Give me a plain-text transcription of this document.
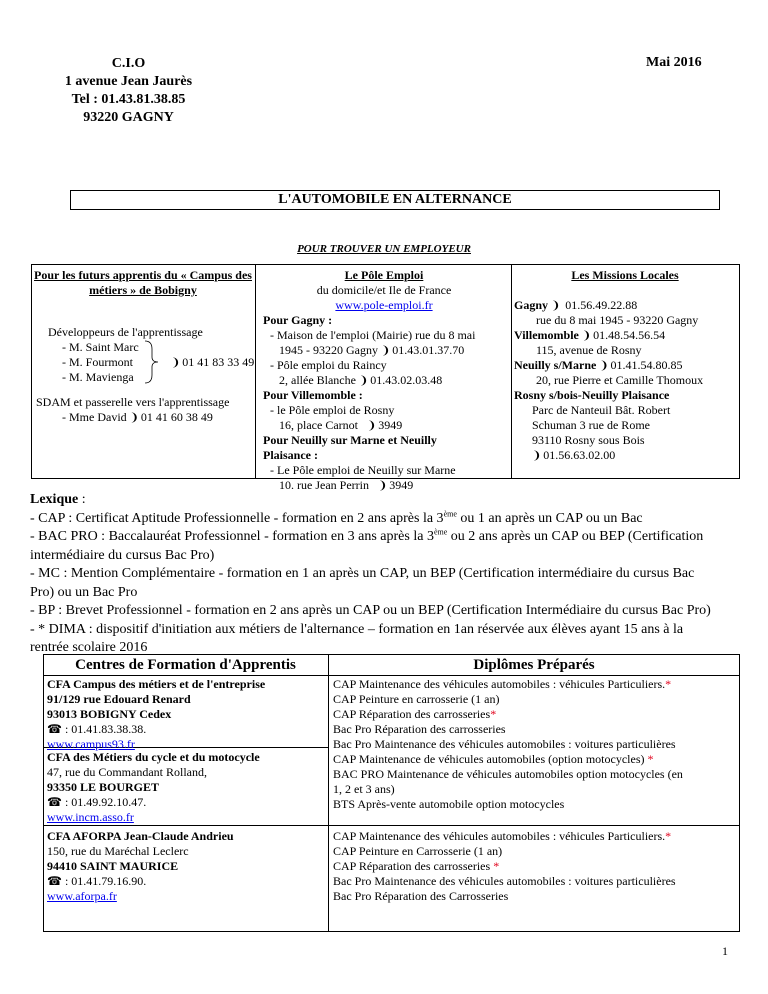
C.I.O
1 avenue Jean Jaurès
Tel : 01.43.81.38.85
93220 GAGNY
Mai 2016
L'AUTOMOBILE EN ALTERNANCE
POUR TROUVER UN EMPLOYEUR
Pour les futurs apprentis du « Campus des métiers » de Bobigny
Développeurs de l'apprentissage
- M. Saint Marc
- M. Fourmont
- M. Mavienga
❩ 01 41 83 33 49
SDAM et passerelle vers l'apprentissage
- Mme David ❩ 01 41 60 38 49
Le Pôle Emploi
du domicile/et Ile de France
www.pole-emploi.fr
Pour Gagny :
- Maison de l'emploi (Mairie) rue du 8 mai
1945 - 93220 Gagny ❩ 01.43.01.37.70
- Pôle emploi du Raincy
2, allée Blanche ❩ 01.43.02.03.48
Pour Villemomble :
- le Pôle emploi de Rosny
16, place Carnot ❩ 3949
Pour Neuilly sur Marne et Neuilly
Plaisance :
- Le Pôle emploi de Neuilly sur Marne
10. rue Jean Perrin ❩ 3949
Les Missions Locales
Gagny ❩ 01.56.49.22.88
rue du 8 mai 1945 - 93220 Gagny
Villemomble ❩ 01.48.54.56.54
115, avenue de Rosny
Neuilly s/Marne ❩ 01.41.54.80.85
20, rue Pierre et Camille Thomoux
Rosny s/bois-Neuilly Plaisance
Parc de Nanteuil Bât. Robert
Schuman 3 rue de Rome
93110 Rosny sous Bois
❩ 01.56.63.02.00
Lexique :
- CAP : Certificat Aptitude Professionnelle - formation en 2 ans après la 3ème ou 1 an après un CAP ou un Bac
- BAC PRO : Baccalauréat Professionnel - formation en 3 ans après la 3ème ou 2 ans après un CAP ou BEP (Certification
intermédiaire du cursus Bac Pro)
- MC : Mention Complémentaire - formation en 1 an après un CAP, un BEP (Certification intermédiaire du cursus Bac
Pro) ou un Bac Pro
- BP : Brevet Professionnel - formation en 2 ans après un CAP ou un BEP (Certification Intermédiaire du cursus Bac Pro)
- * DIMA : dispositif d'initiation aux métiers de l'alternance – formation en 1an réservée aux élèves ayant 15 ans à la
rentrée scolaire 2016
Centres de Formation d'Apprentis	Diplômes Préparés
CFA Campus des métiers et de l'entreprise
91/129 rue Edouard Renard
93013 BOBIGNY Cedex
☎ : 01.41.83.38.38.
www.campus93.fr
CFA des Métiers du cycle et du motocycle
47, rue du Commandant Rolland,
93350 LE BOURGET
☎ : 01.49.92.10.47.
www.incm.asso.fr
CFA AFORPA Jean-Claude Andrieu
150, rue du Maréchal Leclerc
94410 SAINT MAURICE
☎ : 01.41.79.16.90.
www.aforpa.fr
CAP Maintenance des véhicules automobiles : véhicules Particuliers.*
CAP Peinture en carrosserie (1 an)
CAP Réparation des carrosseries*
Bac Pro Réparation des carrosseries
Bac Pro Maintenance des véhicules automobiles : voitures particulières
CAP Maintenance de véhicules automobiles (option motocycles) *
BAC PRO Maintenance de véhicules automobiles option motocycles (en
1, 2 et 3 ans)
BTS Après-vente automobile option motocycles
CAP Maintenance des véhicules automobiles : véhicules Particuliers.*
CAP Peinture en Carrosserie (1 an)
CAP Réparation des carrosseries *
Bac Pro Maintenance des véhicules automobiles : voitures particulières
Bac Pro Réparation des Carrosseries
1
